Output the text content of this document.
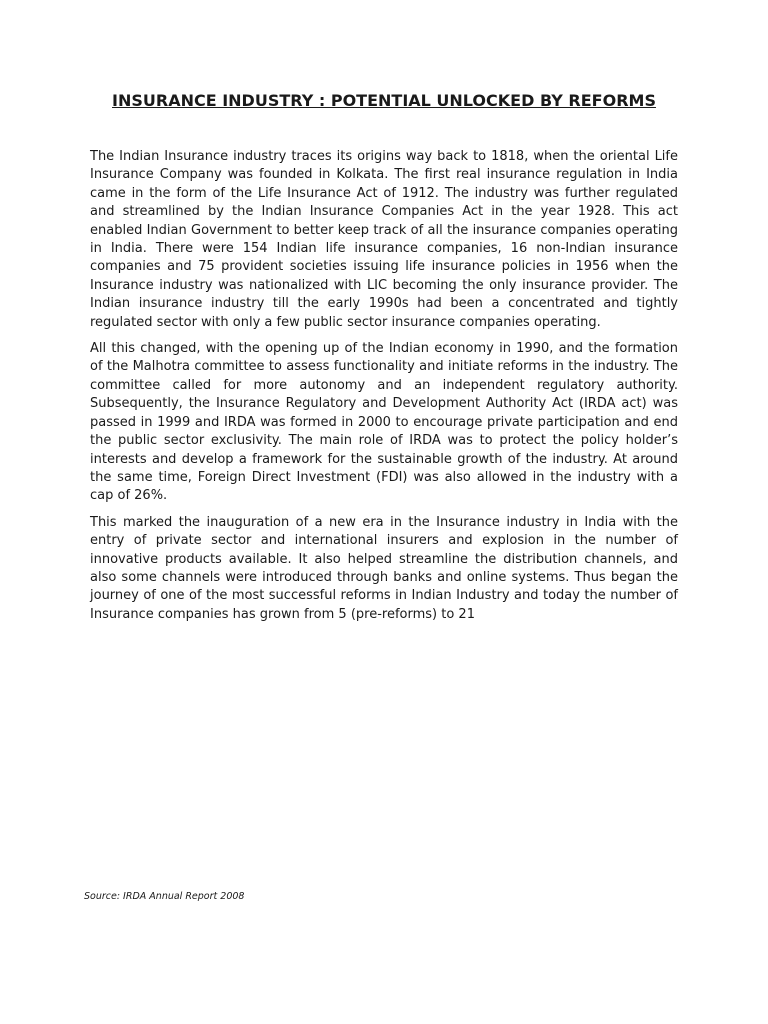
INSURANCE INDUSTRY : POTENTIAL UNLOCKED BY REFORMS

The Indian Insurance industry traces its origins way back to 1818, when the oriental Life Insurance Company was founded in Kolkata. The first real insurance regulation in India came in the form of the Life Insurance Act of 1912. The industry was further regulated and streamlined by the Indian Insurance Companies Act in the year 1928. This act enabled Indian Government to better keep track of all the insurance companies operating in India. There were 154 Indian life insurance companies, 16 non-Indian insurance companies and 75 provident societies issuing life insurance policies in 1956 when the Insurance industry was nationalized with LIC becoming the only insurance provider. The Indian insurance industry till the early 1990s had been a concentrated and tightly regulated sector with only a few public sector insurance companies operating.

All this changed, with the opening up of the Indian economy in 1990, and the formation of the Malhotra committee to assess functionality and initiate reforms in the industry. The committee called for more autonomy and an independent regulatory authority. Subsequently, the Insurance Regulatory and Development Authority Act (IRDA act) was passed in 1999 and IRDA was formed in 2000 to encourage private participation and end the public sector exclusivity. The main role of IRDA was to protect the policy holder’s interests and develop a framework for the sustainable growth of the industry. At around the same time, Foreign Direct Investment (FDI) was also allowed in the industry with a cap of 26%.

This marked the inauguration of a new era in the Insurance industry in India with the entry of private sector and international insurers and explosion in the number of innovative products available. It also helped streamline the distribution channels, and also some channels were introduced through banks and online systems. Thus began the journey of one of the most successful reforms in Indian Industry and today the number of Insurance companies has grown from 5 (pre-reforms) to 21

Source: IRDA Annual Report 2008
